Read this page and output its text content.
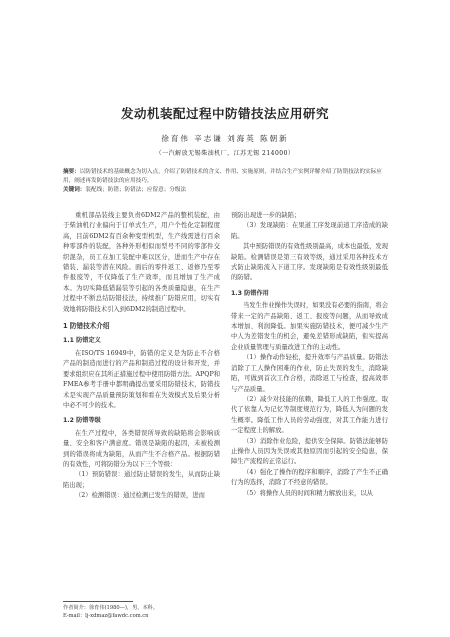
发动机装配过程中防错技法应用研究
徐育伟 辛志谦 刘海英 陈朝新
（一汽解放无锡柴油机厂，江苏无锡 214000）
摘要：以防错技术的基础概念为切入点，介绍了防错技术的含义、作用、实施原则，并结合生产实例详解介绍了防错技法的实际应用，阐述再发防错技法的应用技巧。
关键词：装配线；防错；防错法；应留意；分级法

重机部品装线主要负责6DM2产品的整机装配，由于柴油机行业偏向于订单式生产，用户个性化定制程度高，目前6DM2有百余种变型机型，生产线需进行百余种零部件的装配，各种外形相似而型号不同的零部件交织混杂，员工在加工装配中难以区分，进而生产中存在错装、漏装等潜在风险。面后的零件返工、返修乃至零件报废等，不仅降低了生产效率，而且增加了生产成本。为切实降低错漏装等引起的各类质量隐患，在生产过程中不断总结防错技法，持续推广防错应用，切实有效地将防错技术引入到6DM2的制造过程中。

1 防错技术介绍
1.1 防错定义

在ISO/TS 16949中，防错的定义是为防止不合格产品的制造而进行的产品和制造过程的设计和开发，并要求组织应在其所正措施过程中使用防错方法。APQP和FMEA参考手册中都明确提出要采用防错技术，防错技术是实现产品质量预防策划和看在失效模式及后果分析中必不可少的技术。

1.2 防错等级

在生产过程中，各类错误所导致的缺陷将会影响质量、安全和客户满意度。错误是缺陷的起因，未被检测到的错误将成为缺陷，从而产生不合格产品。根据防错的有效性，可将防错分为以下三个等级：

（1）预防错误：通过防止错误的发生，从而防止缺陷出现；

（2）检测错误：通过检测已发生的错误，进而

预防出现进一步的缺陷；

（3）发现缺陷：在果道工序发现前道工序造成的缺陷。

其中预防错误的有效性级别最高，成本也最低，发现缺陷。检测错误是第三有效等级，通过采用各种技术方式防止缺陷流入下道工序。发现缺陷是有效性级别最低的防错。

1.3 防错作用

当发生作业操作失误时，如果没有必要的指南，将会带来一定的产品缺陷、返工、报废等问题，从而导致成本增加、利润降低。加果实施防错技术，便可减少生产中人为差错发生的机会，避免差错形成缺陷，衔实提高企业质量管理与质量改进工作的主动性。

（1）操作动作轻松，提升效率与产品质量。防错法消除了工人操作困难的作业，防止失误的发生，消除缺陷，可做到首次工作合格，消除返工与检查，提高效率与产品质量。

（2）减少对技能的依赖，降低工人的工作强度。取代了依靠人为记忆等制度规范行为，降低人为问题的发生概率。降低工作人员的劳动强度，对其工作能力进行一定程度上的解放。

（3）消除作业危险，提供安全保障。防错法能够防止操作人员因为失误或其他原因而引起的安全隐患，保障生产流程的正常运行。

（4）强化了操作的程序和顺序，消除了产生不正确行为的选择，消除了不经意的错误。

（5）将操作人员的时间和精力解放出来，以从

作者简介：徐育伟(1980—)，男，本科。
E-mail：lj-xdmaz@fawdc.com.cn
